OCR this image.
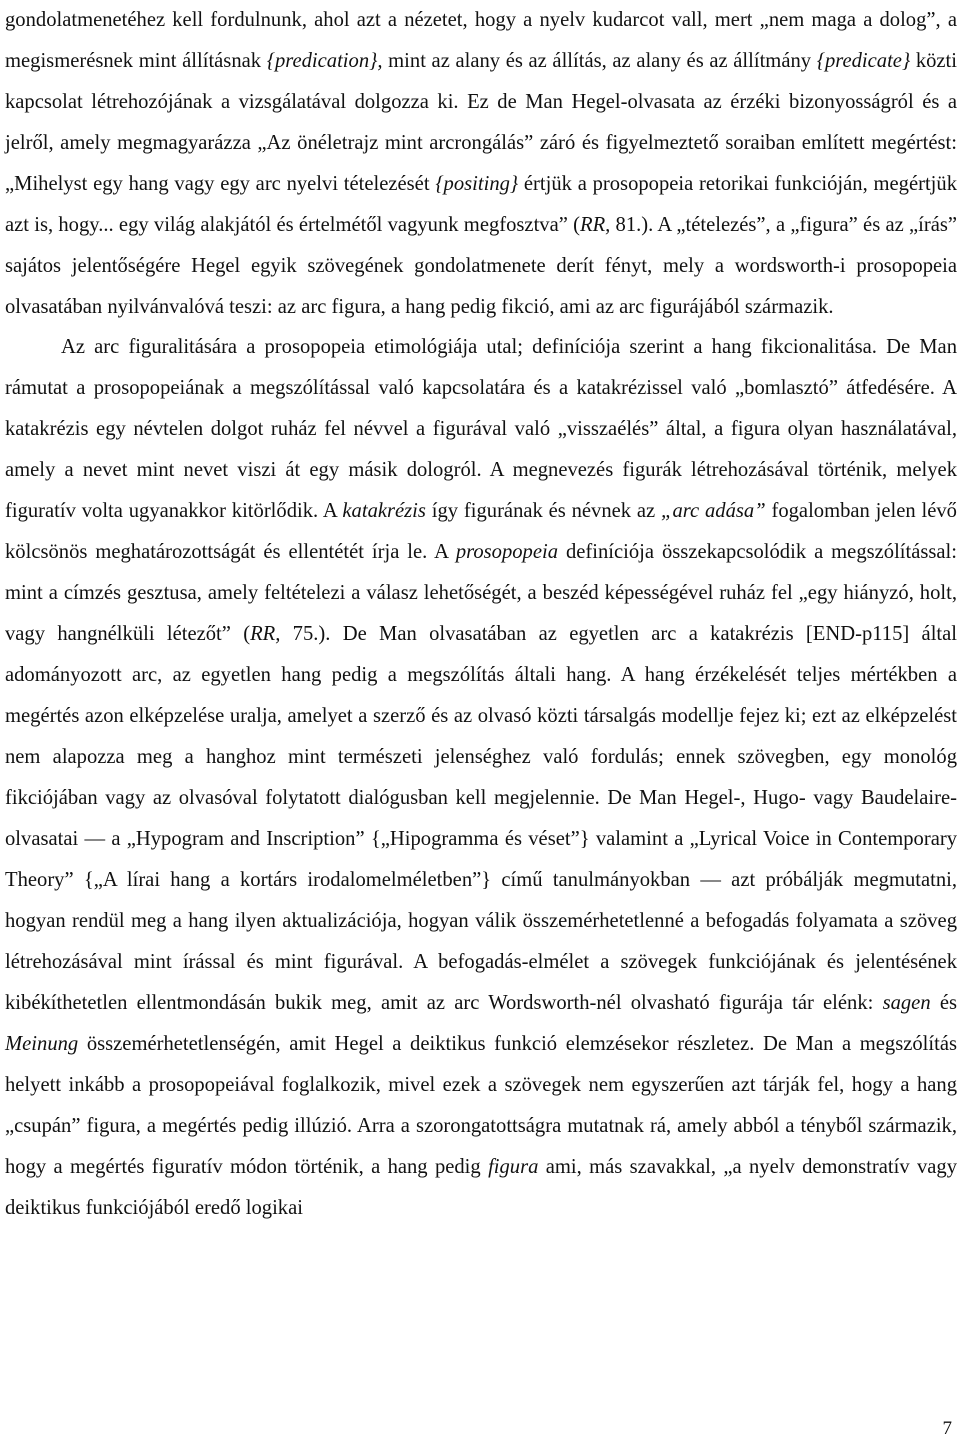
gondolatmenetéhez kell fordulnunk, ahol azt a nézetet, hogy a nyelv kudarcot vall, mert „nem maga a dolog”, a megismerésnek mint állításnak {predication}, mint az alany és az állítás, az alany és az állítmány {predicate} közti kapcsolat létrehozójának a vizsgálatával dolgozza ki. Ez de Man Hegel-olvasata az érzéki bizonyosságról és a jelről, amely megmagyarázza „Az önéletrajz mint arcrongálás” záró és figyelmeztető soraiban említett megértést: „Mihelyst egy hang vagy egy arc nyelvi tételezését {positing} értjük a prosopopeia retorikai funkcióján, megértjük azt is, hogy... egy világ alakjától és értelmétől vagyunk megfosztva” (RR, 81.). A „tételezés”, a „figura” és az „írás” sajátos jelentőségére Hegel egyik szövegének gondolatmenete derít fényt, mely a wordsworth-i prosopopeia olvasatában nyilvánvalóvá teszi: az arc figura, a hang pedig fikció, ami az arc figurájából származik.

Az arc figuralitására a prosopopeia etimológiája utal; definíciója szerint a hang fikcionalitása. De Man rámutat a prosopopeiának a megszólítással való kapcsolatára és a katakrézissel való „bomlasztó” átfedésére. A katakrézis egy névtelen dolgot ruház fel névvel a figurával való „visszaélés” által, a figura olyan használatával, amely a nevet mint nevet viszi át egy másik dologról. A megnevezés figurák létrehozásával történik, melyek figuratív volta ugyanakkor kitörlődik. A katakrézis így figurának és névnek az „arc adása” fogalomban jelen lévő kölcsönös meghatározottságát és ellentétét írja le. A prosopopeia definíciója összekapcsolódik a megszólítással: mint a címzés gesztusa, amely feltételezi a válasz lehetőségét, a beszéd képességével ruház fel „egy hiányzó, holt, vagy hangnélküli létezőt” (RR, 75.). De Man olvasatában az egyetlen arc a katakrézis [END-p115] által adományozott arc, az egyetlen hang pedig a megszólítás általi hang. A hang érzékelését teljes mértékben a megértés azon elképzelése uralja, amelyet a szerző és az olvasó közti társalgás modellje fejez ki; ezt az elképzelést nem alapozza meg a hanghoz mint természeti jelenséghez való fordulás; ennek szövegben, egy monológ fikciójában vagy az olvasóval folytatott dialógusban kell megjelennie. De Man Hegel-, Hugo- vagy Baudelaire-olvasatai — a „Hypogram and Inscription” {„Hipogramma és véset”} valamint a „Lyrical Voice in Contemporary Theory” {„A lírai hang a kortárs irodalomelméletben”} című tanulmányokban — azt próbálják megmutatni, hogyan rendül meg a hang ilyen aktualizációja, hogyan válik összemérhetetlenné a befogadás folyamata a szöveg létrehozásával mint írással és mint figurával. A befogadás-elmélet a szövegek funkciójának és jelentésének kibékíthetetlen ellentmondásán bukik meg, amit az arc Wordsworth-nél olvasható figurája tár elénk: sagen és Meinung összemérhetetlenségén, amit Hegel a deiktikus funkció elemzésekor részletez. De Man a megszólítás helyett inkább a prosopopeiával foglalkozik, mivel ezek a szövegek nem egyszerűen azt tárják fel, hogy a hang „csupán” figura, a megértés pedig illúzió. Arra a szorongatottságra mutatnak rá, amely abból a tényből származik, hogy a megértés figuratív módon történik, a hang pedig figura ami, más szavakkal, „a nyelv demonstratív vagy deiktikus funkciójából eredő logikai

7
